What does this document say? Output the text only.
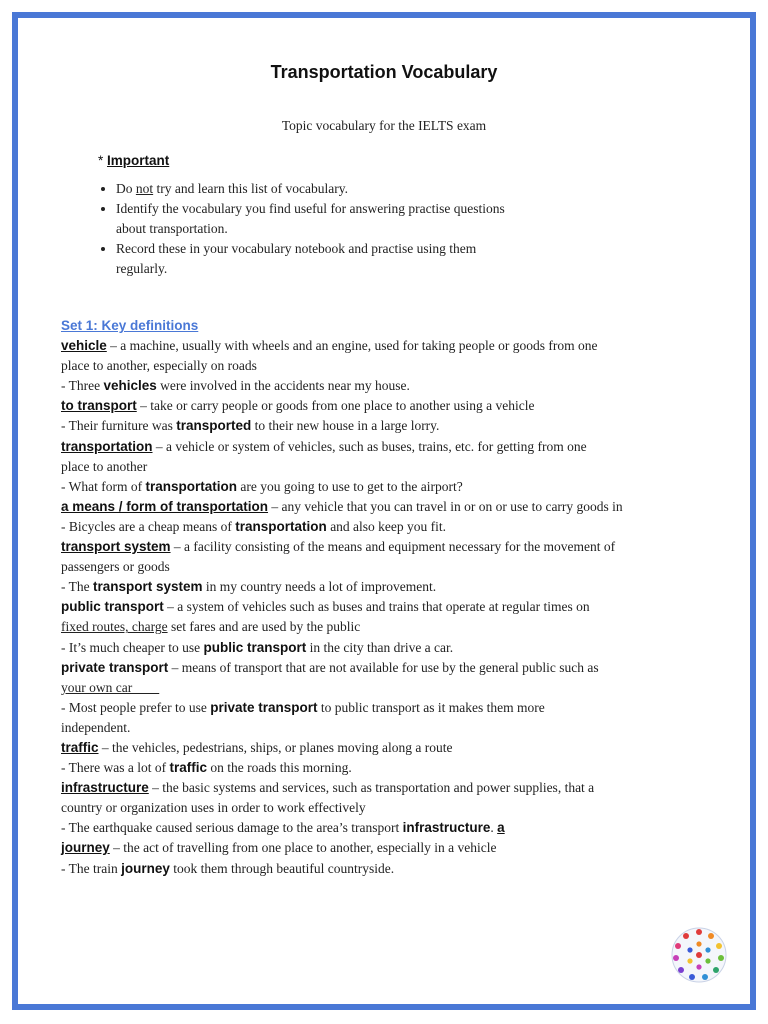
Transportation Vocabulary
Topic vocabulary for the IELTS exam
* Important
• Do not try and learn this list of vocabulary.
• Identify the vocabulary you find useful for answering practise questions
about transportation.
• Record these in your vocabulary notebook and practise using them
regularly.
Set 1: Key definitions
vehicle – a machine, usually with wheels and an engine, used for taking people or goods from one
place to another, especially on roads
- Three vehicles were involved in the accidents near my house.
to transport – take or carry people or goods from one place to another using a vehicle
- Their furniture was transported to their new house in a large lorry.
transportation – a vehicle or system of vehicles, such as buses, trains, etc. for getting from one
place to another
- What form of transportation are you going to use to get to the airport?
a means / form of transportation – any vehicle that you can travel in or on or use to carry goods in
- Bicycles are a cheap means of transportation and also keep you fit.
transport system – a facility consisting of the means and equipment necessary for the movement of
passengers or goods
- The transport system in my country needs a lot of improvement.
public transport – a system of vehicles such as buses and trains that operate at regular times on
fixed routes, charge set fares and are used by the public
- It’s much cheaper to use public transport in the city than drive a car.
private transport – means of transport that are not available for use by the general public such as
your own car
- Most people prefer to use private transport to public transport as it makes them more
independent.
traffic – the vehicles, pedestrians, ships, or planes moving along a route
- There was a lot of traffic on the roads this morning.
infrastructure – the basic systems and services, such as transportation and power supplies, that a
country or organization uses in order to work effectively
- The earthquake caused serious damage to the area’s transport infrastructure. a
journey – the act of travelling from one place to another, especially in a vehicle
- The train journey took them through beautiful countryside.
